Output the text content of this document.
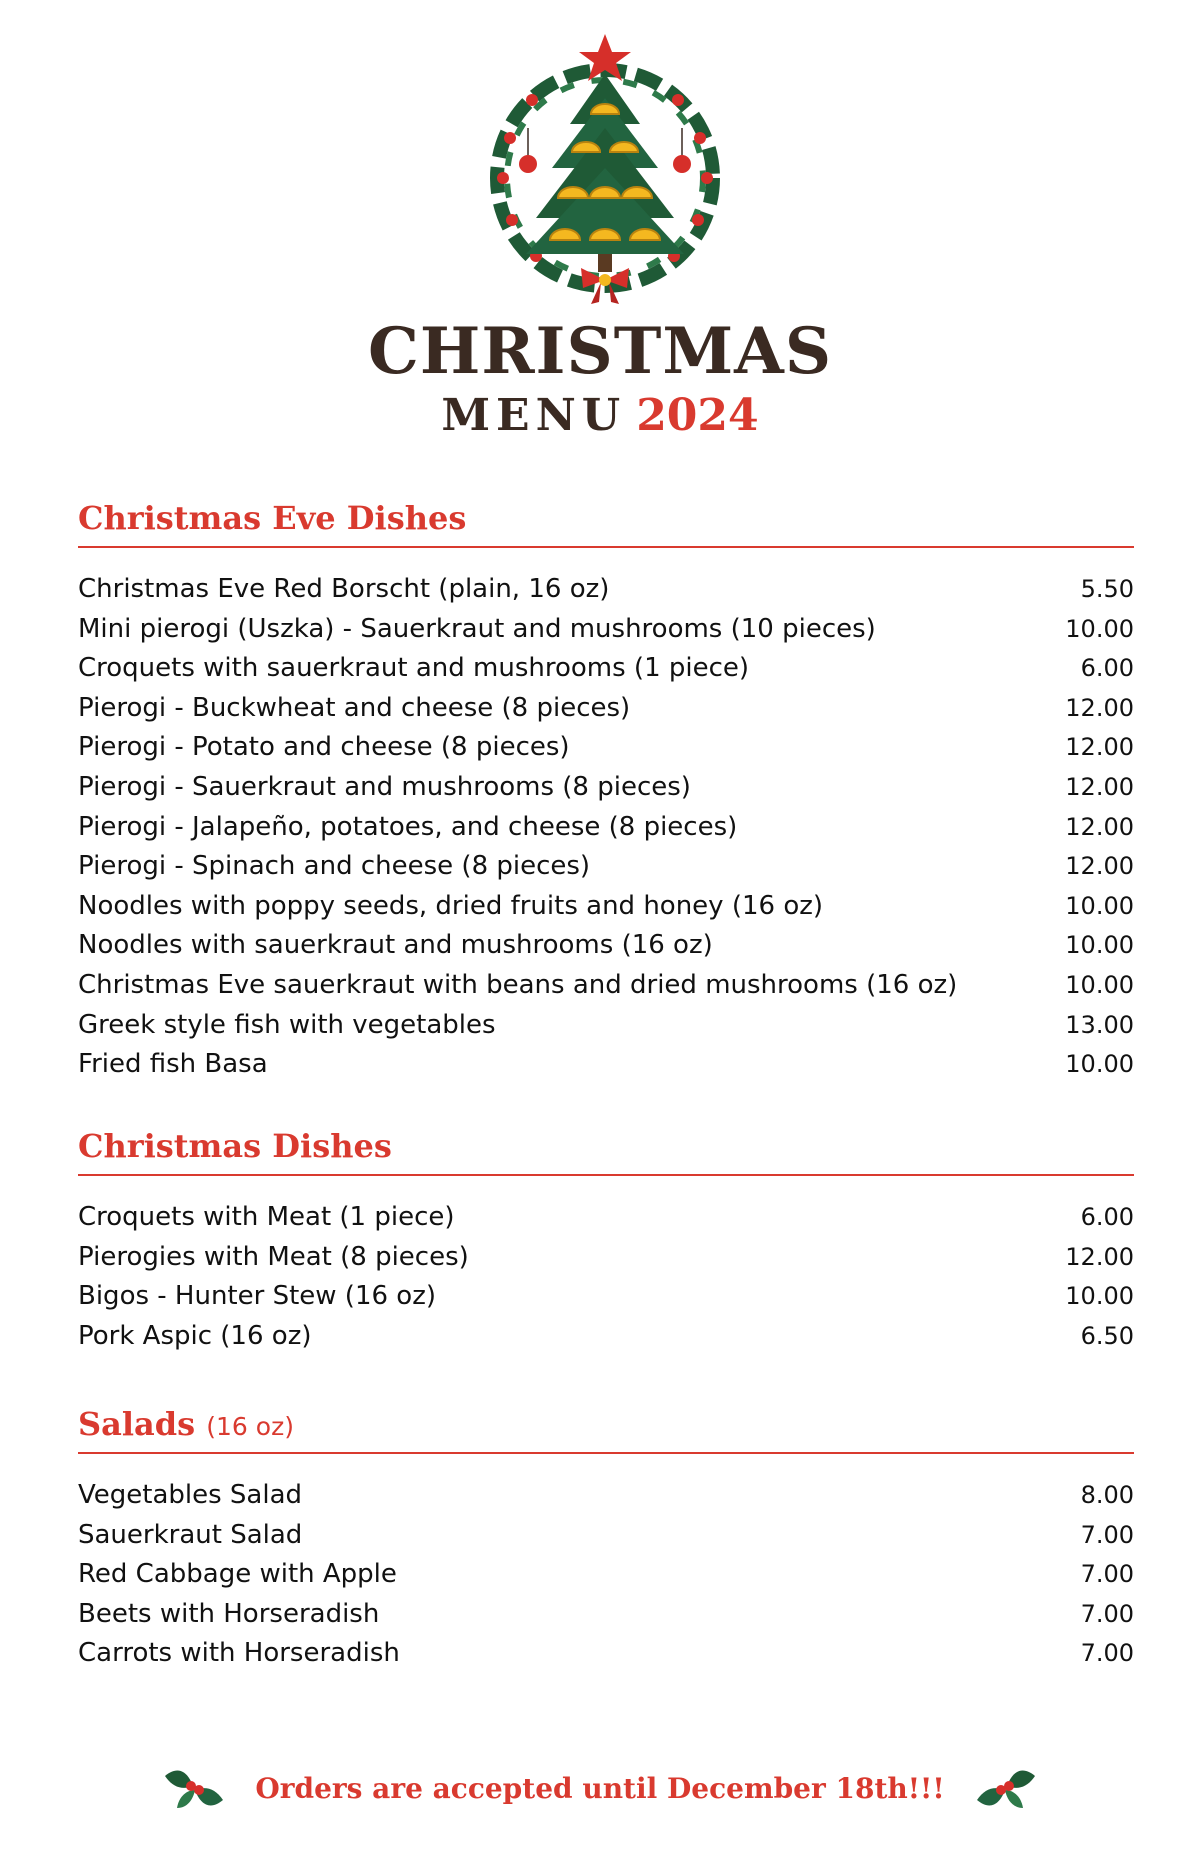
CHRISTMAS
MENU 2024
Christmas Eve Dishes
Christmas Eve Red Borscht (plain, 16 oz)	5.50
Mini pierogi (Uszka) - Sauerkraut and mushrooms (10 pieces)	10.00
Croquets with sauerkraut and mushrooms (1 piece)	6.00
Pierogi - Buckwheat and cheese (8 pieces)	12.00
Pierogi - Potato and cheese (8 pieces)	12.00
Pierogi - Sauerkraut and mushrooms (8 pieces)	12.00
Pierogi - Jalapeño, potatoes, and cheese (8 pieces)	12.00
Pierogi - Spinach and cheese (8 pieces)	12.00
Noodles with poppy seeds, dried fruits and honey (16 oz)	10.00
Noodles with sauerkraut and mushrooms (16 oz)	10.00
Christmas Eve sauerkraut with beans and dried mushrooms (16 oz)	10.00
Greek style fish with vegetables	13.00
Fried fish Basa	10.00
Christmas Dishes
Croquets with Meat (1 piece)	6.00
Pierogies with Meat (8 pieces)	12.00
Bigos - Hunter Stew (16 oz)	10.00
Pork Aspic (16 oz)	6.50
Salads (16 oz)
Vegetables Salad	8.00
Sauerkraut Salad	7.00
Red Cabbage with Apple	7.00
Beets with Horseradish	7.00
Carrots with Horseradish	7.00
Orders are accepted until December 18th!!!
